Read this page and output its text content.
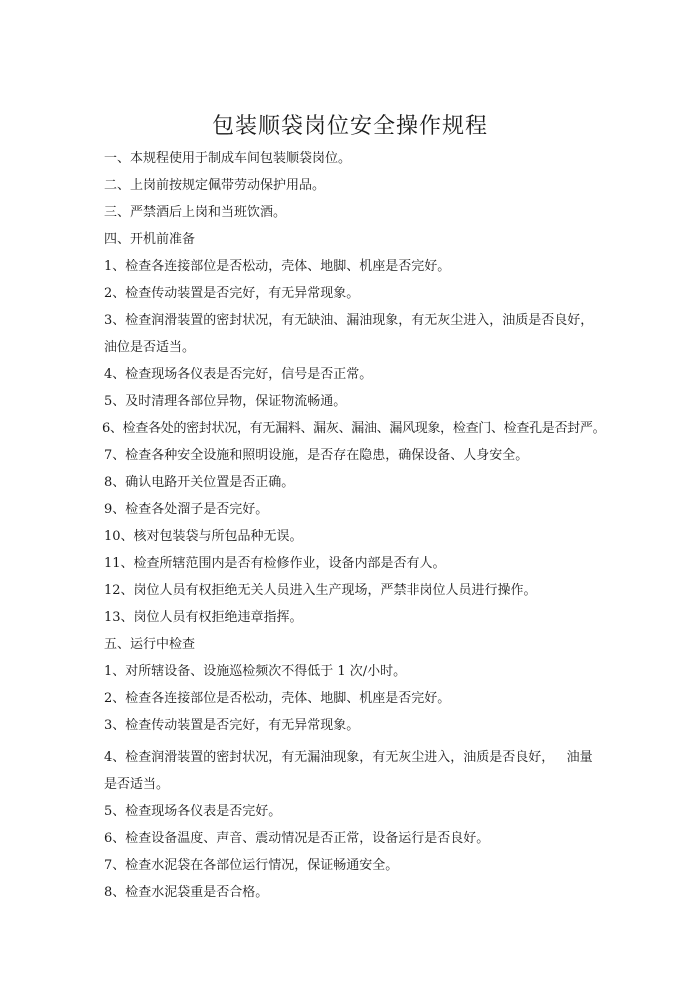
包装顺袋岗位安全操作规程
一、本规程使用于制成车间包装顺袋岗位。
二、上岗前按规定佩带劳动保护用品。
三、严禁酒后上岗和当班饮酒。
四、开机前准备
1、检查各连接部位是否松动，壳体、地脚、机座是否完好。
2、检查传动装置是否完好，有无异常现象。
3、检查润滑装置的密封状况，有无缺油、漏油现象，有无灰尘进入，油质是否良好，
油位是否适当。
4、检查现场各仪表是否完好，信号是否正常。
5、及时清理各部位异物，保证物流畅通。
6、检查各处的密封状况，有无漏料、漏灰、漏油、漏风现象，检查门、检查孔是否封严。
7、检查各种安全设施和照明设施，是否存在隐患，确保设备、人身安全。
8、确认电路开关位置是否正确。
9、检查各处溜子是否完好。
10、核对包装袋与所包品种无误。
11、检查所辖范围内是否有检修作业，设备内部是否有人。
12、岗位人员有权拒绝无关人员进入生产现场，严禁非岗位人员进行操作。
13、岗位人员有权拒绝违章指挥。
五、运行中检查
1、对所辖设备、设施巡检频次不得低于 1 次/小时。
2、检查各连接部位是否松动，壳体、地脚、机座是否完好。
3、检查传动装置是否完好，有无异常现象。
4、检查润滑装置的密封状况，有无漏油现象，有无灰尘进入，油质是否良好，   油量
是否适当。
5、检查现场各仪表是否完好。
6、检查设备温度、声音、震动情况是否正常，设备运行是否良好。
7、检查水泥袋在各部位运行情况，保证畅通安全。
8、检查水泥袋重是否合格。
